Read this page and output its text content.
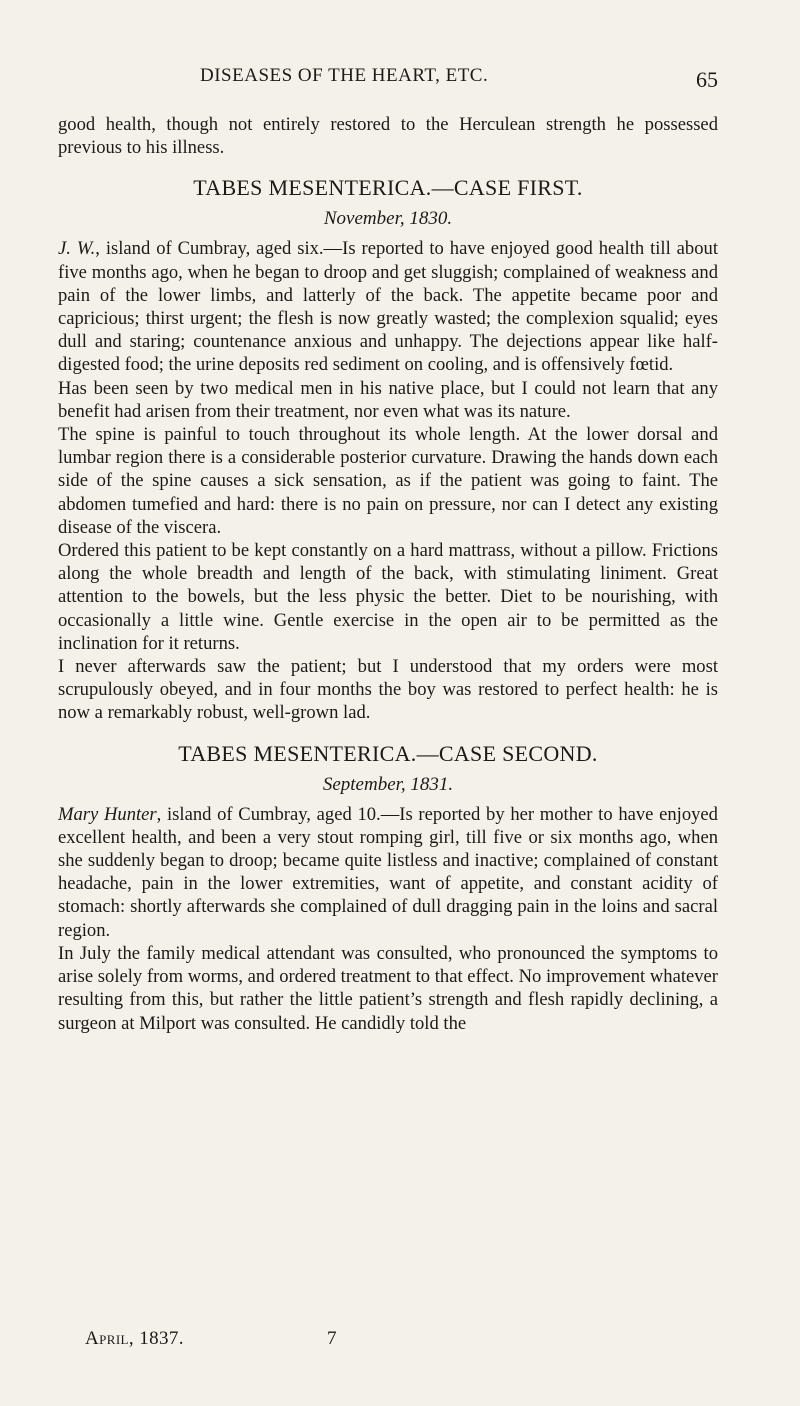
DISEASES OF THE HEART, ETC.	65

good health, though not entirely restored to the Herculean strength he possessed previous to his illness.

TABES MESENTERICA.—CASE FIRST.
November, 1830.

J. W., island of Cumbray, aged six.—Is reported to have enjoyed good health till about five months ago, when he began to droop and get sluggish; complained of weakness and pain of the lower limbs, and latterly of the back. The appetite became poor and capricious; thirst urgent; the flesh is now greatly wasted; the complexion squalid; eyes dull and staring; countenance anxious and unhappy. The dejections appear like half-digested food; the urine deposits red sediment on cooling, and is offensively fœtid.

Has been seen by two medical men in his native place, but I could not learn that any benefit had arisen from their treatment, nor even what was its nature.

The spine is painful to touch throughout its whole length. At the lower dorsal and lumbar region there is a considerable posterior curvature. Drawing the hands down each side of the spine causes a sick sensation, as if the patient was going to faint. The abdomen tumefied and hard: there is no pain on pressure, nor can I detect any existing disease of the viscera.

Ordered this patient to be kept constantly on a hard mattrass, without a pillow. Frictions along the whole breadth and length of the back, with stimulating liniment. Great attention to the bowels, but the less physic the better. Diet to be nourishing, with occasionally a little wine. Gentle exercise in the open air to be permitted as the inclination for it returns.

I never afterwards saw the patient; but I understood that my orders were most scrupulously obeyed, and in four months the boy was restored to perfect health: he is now a remarkably robust, well-grown lad.

TABES MESENTERICA.—CASE SECOND.
September, 1831.

Mary Hunter, island of Cumbray, aged 10.—Is reported by her mother to have enjoyed excellent health, and been a very stout romping girl, till five or six months ago, when she suddenly began to droop; became quite listless and inactive; complained of constant headache, pain in the lower extremities, want of appetite, and constant acidity of stomach: shortly afterwards she complained of dull dragging pain in the loins and sacral region.

In July the family medical attendant was consulted, who pronounced the symptoms to arise solely from worms, and ordered treatment to that effect. No improvement whatever resulting from this, but rather the little patient’s strength and flesh rapidly declining, a surgeon at Milport was consulted. He candidly told the

April, 1837.	7
